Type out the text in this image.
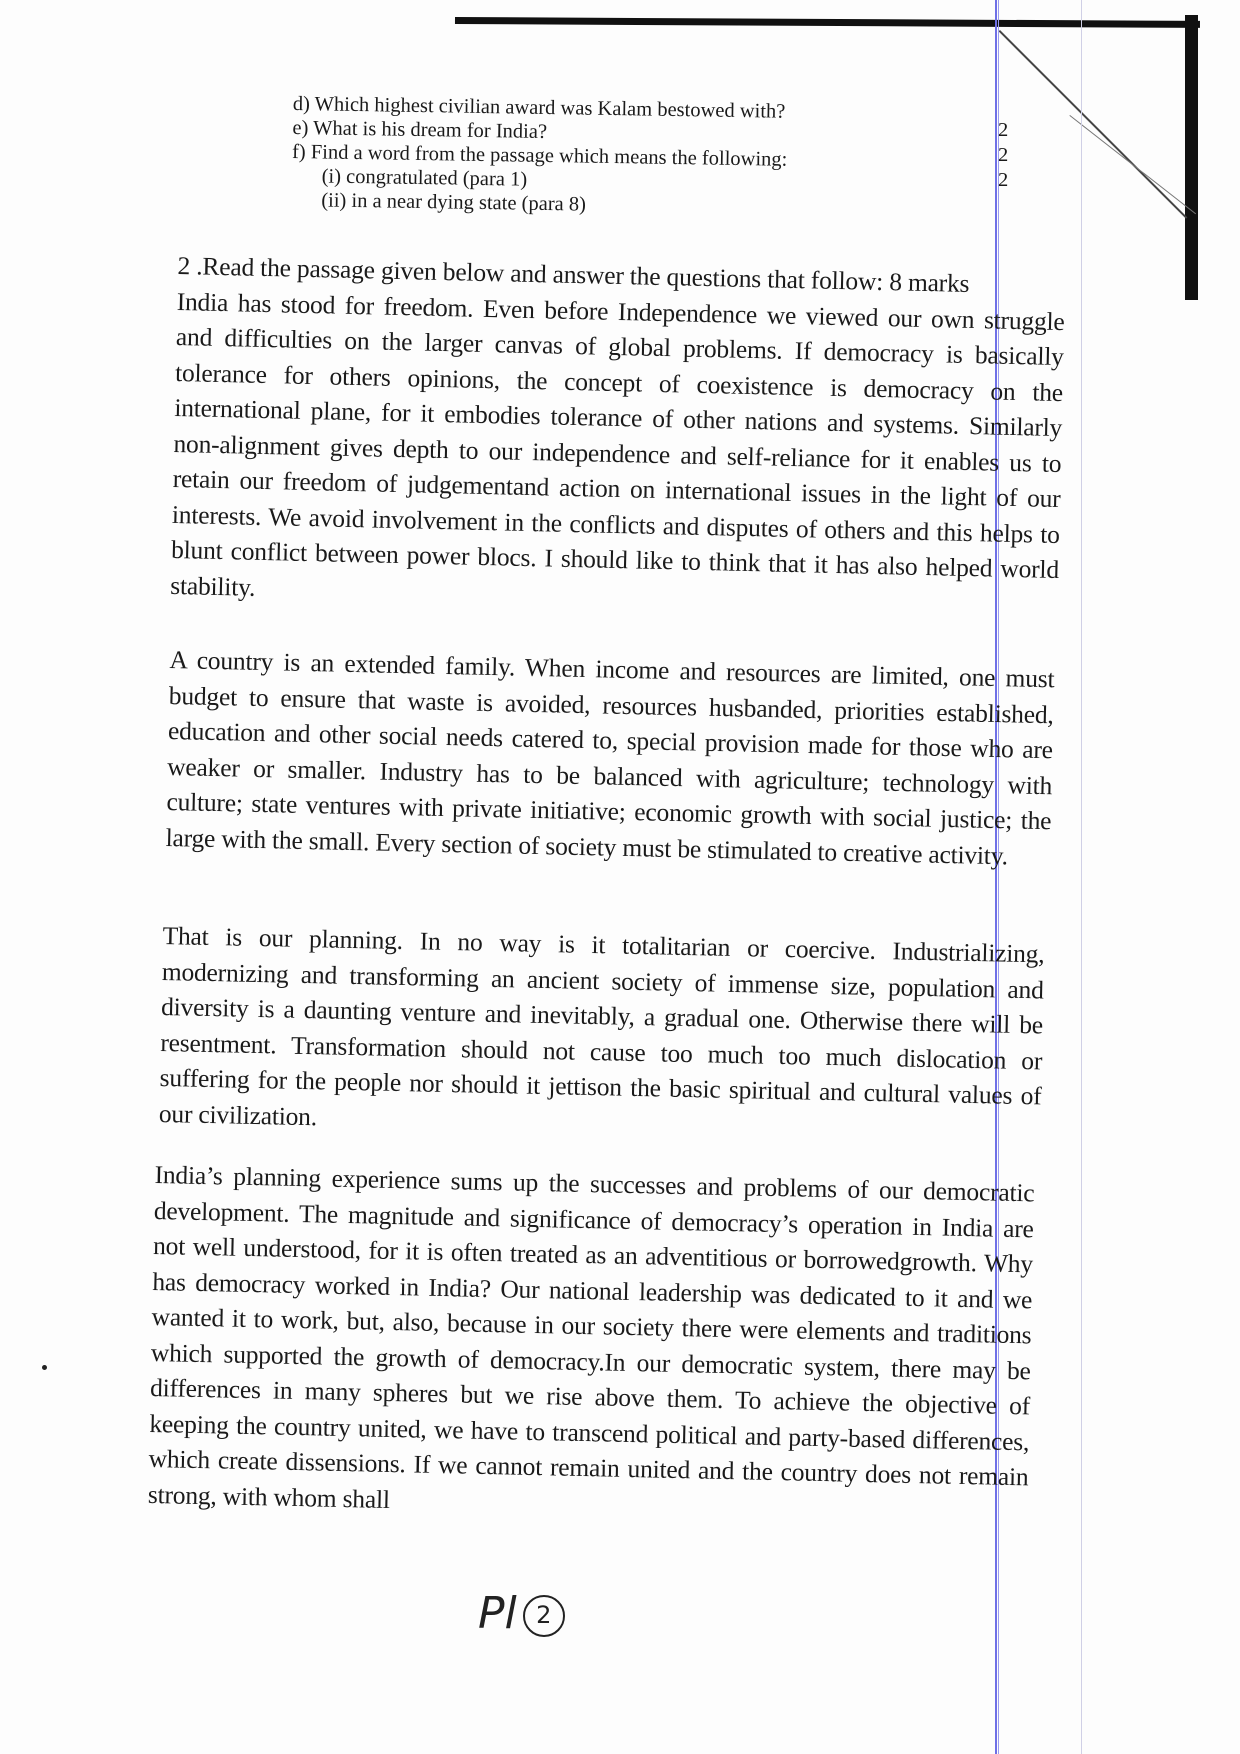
d) Which highest civilian award was Kalam bestowed with?
e) What is his dream for India?
f) Find a word from the passage which means the following:
(i) congratulated (para 1)
(ii) in a near dying state (para 8)
2
2
2
2 .Read the passage given below and answer the questions that follow: 8 marks
India has stood for freedom. Even before Independence we viewed our own struggle and difficulties on the larger canvas of global problems. If democracy is basically tolerance for others opinions, the concept of coexistence is democracy on the international plane, for it embodies tolerance of other nations and systems. Similarly non-alignment gives depth to our independence and self-reliance for it enables us to retain our freedom of judgementand action on international issues in the light of our interests. We avoid involvement in the conflicts and disputes of others and this helps to blunt conflict between power blocs. I should like to think that it has also helped world stability.
A country is an extended family. When income and resources are limited, one must budget to ensure that waste is avoided, resources husbanded, priorities established, education and other social needs catered to, special provision made for those who are weaker or smaller. Industry has to be balanced with agriculture; technology with culture; state ventures with private initiative; economic growth with social justice; the large with the small. Every section of society must be stimulated to creative activity.
That is our planning. In no way is it totalitarian or coercive. Industrializing, modernizing and transforming an ancient society of immense size, population and diversity is a daunting venture and inevitably, a gradual one. Otherwise there will be resentment. Transformation should not cause too much too much dislocation or suffering for the people nor should it jettison the basic spiritual and cultural values of our civilization.
India’s planning experience sums up the successes and problems of our democratic development. The magnitude and significance of democracy’s operation in India are not well understood, for it is often treated as an adventitious or borrowedgrowth. Why has democracy worked in India? Our national leadership was dedicated to it and we wanted it to work, but, also, because in our society there were elements and traditions which supported the growth of democracy.In our democratic system, there may be differences in many spheres but we rise above them. To achieve the objective of keeping the country united, we have to transcend political and party-based differences, which create dissensions. If we cannot remain united and the country does not remain strong, with whom shall
Pl 2
